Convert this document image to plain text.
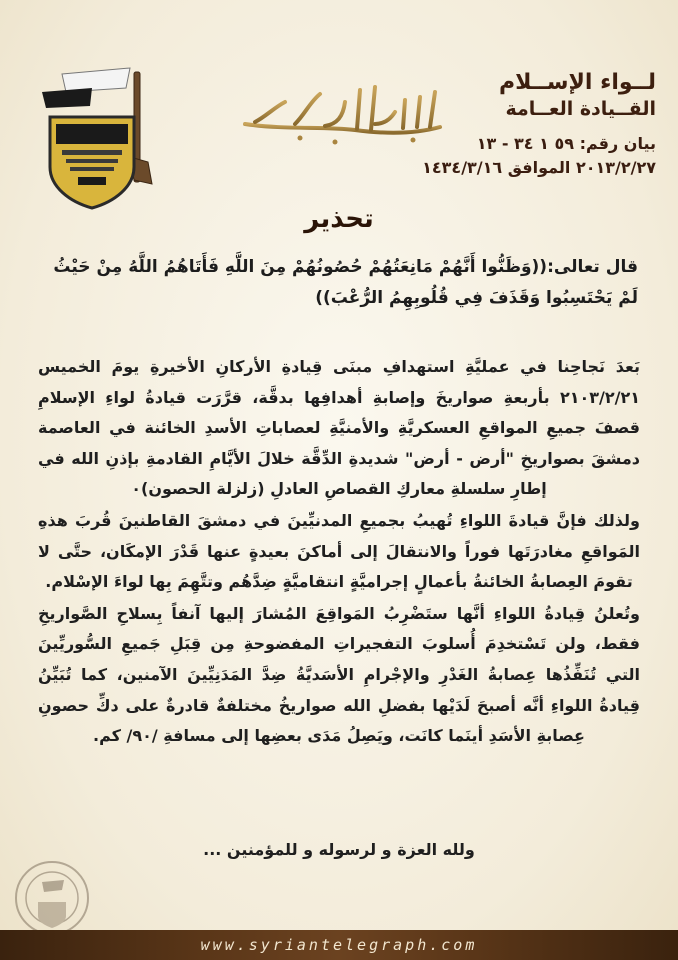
لــواء الإســلام
القــيادة العــامة
بيان رقم: ٥٩ ١ ٣٤ - ١٣
٢٠١٣/٢/٢٧ الموافق ١٤٣٤/٣/١٦
تحذير
قال تعالى:((وَظَنُّوا أَنَّهُمْ مَانِعَتُهُمْ حُصُونُهُمْ مِنَ اللَّهِ فَأَتَاهُمُ اللَّهُ مِنْ حَيْثُ لَمْ يَحْتَسِبُوا وَقَذَفَ فِي قُلُوبِهِمُ الرُّعْبَ))

بَعدَ نَجاحِنا في عمليَّةِ استهدافِ مبنَى قِيادةِ الأركانِ الأخيرةِ يومَ الخميس ٢١٠٣/٢/٢١ بأربعةِ صواريخَ وإصابةِ أهدافِها بدقَّة، قرَّرَت قيادةُ لواءِ الإسلامِ قصفَ جميعِ المواقعِ العسكريَّةِ والأمنيَّةِ لعصاباتِ الأسدِ الخائنة في العاصمة دمشقَ بصواريخِ "أرض - أرض" شديدةِ الدِّقَّة خلالَ الأيَّامِ القادمةِ بإذنِ الله في إطارِ سلسلةِ معاركِ القصاصِ العادلِ (زلزلة الحصون)٠

ولذلك فإنَّ قيادةَ اللواءِ تُهيبُ بجميعِ المدنيِّينَ في دمشقَ القاطنينَ قُربَ هذهِ المَواقعِ مغادرَتَها فوراً والانتقالَ إلى أماكنَ بعيدةٍ عنها قَدْرَ الإمكَان، حتَّى لا تقومَ العِصابةُ الخائنةُ بأعمالٍ إجراميَّةٍ انتقاميَّةٍ ضِدَّهُم وتتَّهِمَ بِها لواءَ الإسْلام.

وتُعلنُ قِيادةُ اللواءِ أنَّها ستَضْرِبُ المَواقِعَ المُشارَ إليها آنفاً بِسلاحِ الصَّواريخِ فقط، ولن تَسْتخدِمَ أُسلوبَ التفجيراتِ المفضوحةِ مِن قِبَلِ جَميعِ السُّوريِّينَ التي تُنَفِّذُها عِصابةُ الغَدْرِ والإجْرامِ الأسَديَّةُ ضِدَّ المَدَنِيِّينَ الآمنين، كما تُبَيِّنُ قِيادةُ اللواءِ أنَّه أصبحَ لَدَيْها بفضلِ الله صواريخُ مختلفةٌ قادرةٌ على دكِّ حصونِ عِصابةِ الأسَدِ أينَما كانَت، ويَصِلُ مَدَى بعضِها إلى مسافةِ /٩٠/ كم.

ولله العزة و لرسوله و للمؤمنين ...
www.syriantelegraph.com
